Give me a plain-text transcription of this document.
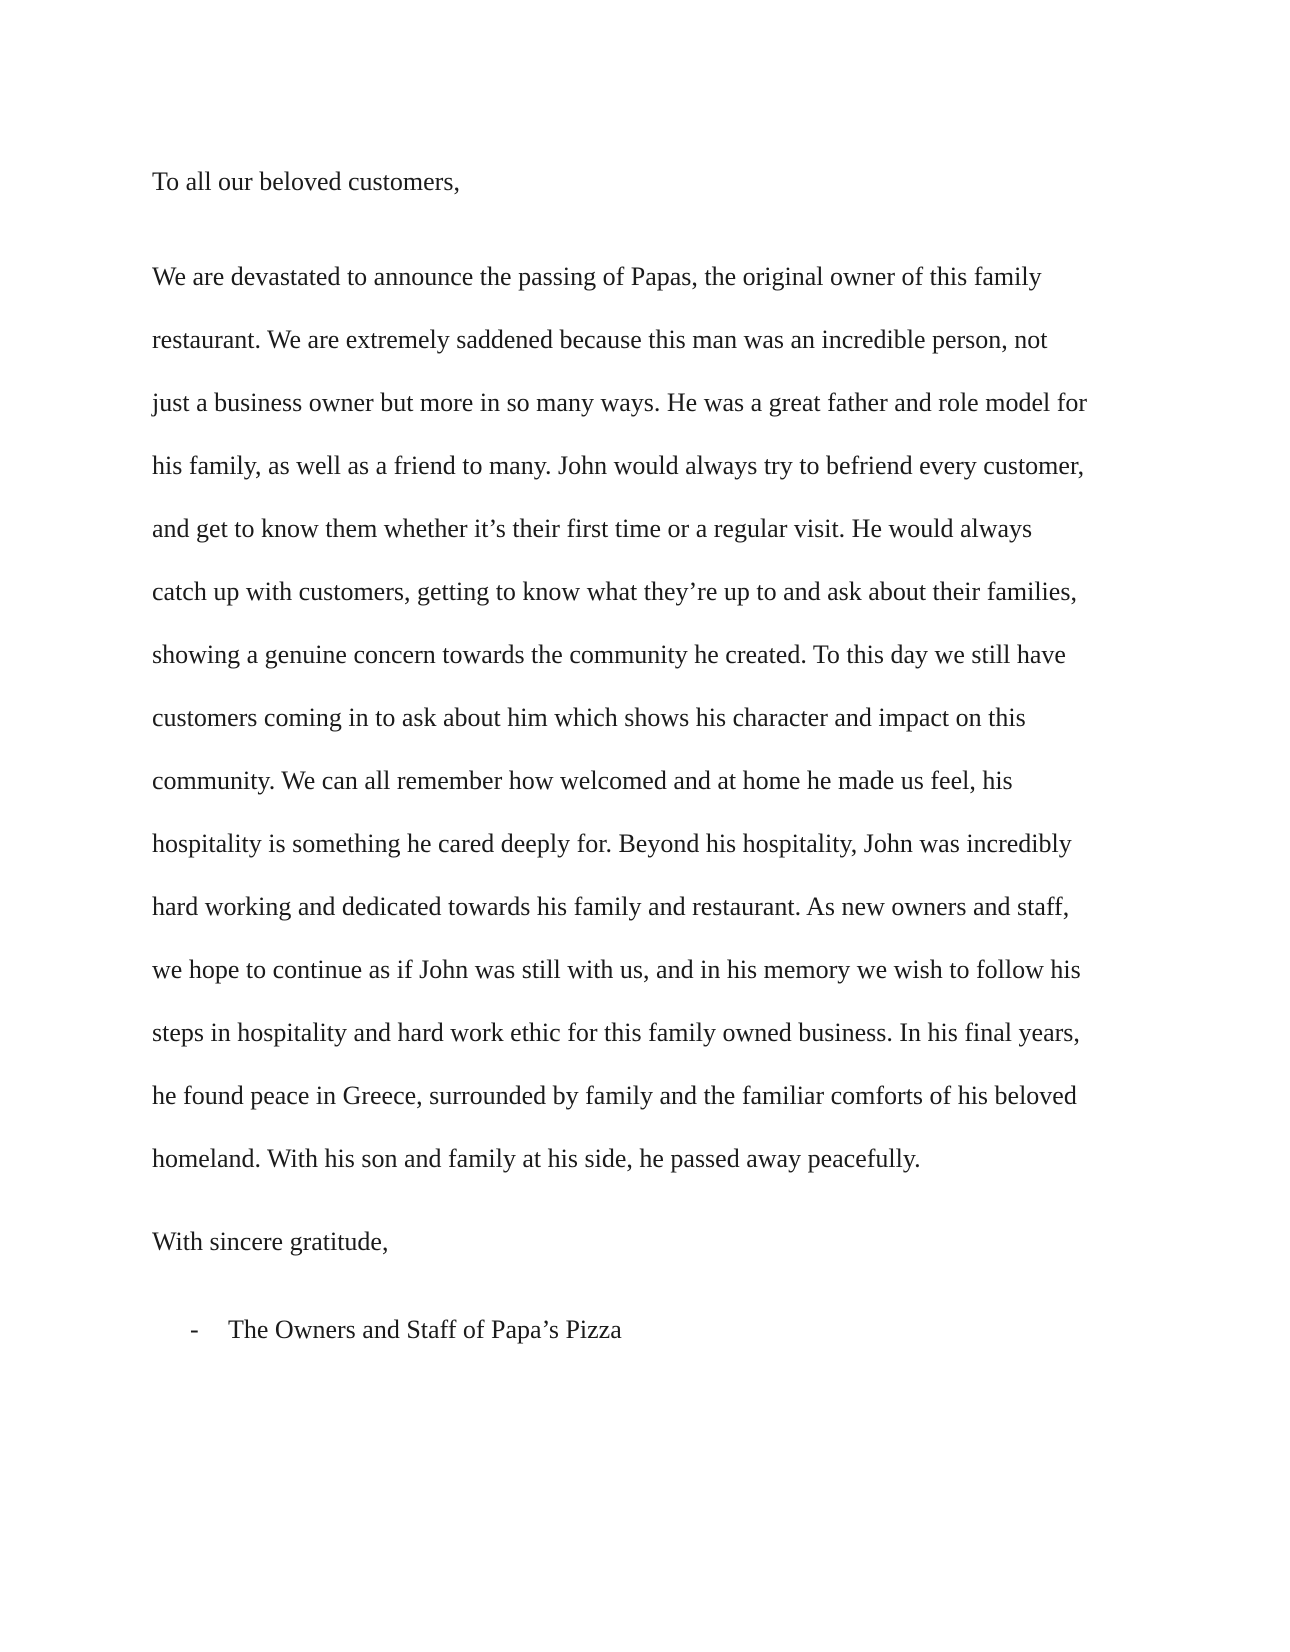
To all our beloved customers,

We are devastated to announce the passing of Papas, the original owner of this family
restaurant. We are extremely saddened because this man was an incredible person, not
just a business owner but more in so many ways. He was a great father and role model for
his family, as well as a friend to many. John would always try to befriend every customer,
and get to know them whether it’s their first time or a regular visit. He would always
catch up with customers, getting to know what they’re up to and ask about their families,
showing a genuine concern towards the community he created. To this day we still have
customers coming in to ask about him which shows his character and impact on this
community. We can all remember how welcomed and at home he made us feel, his
hospitality is something he cared deeply for. Beyond his hospitality, John was incredibly
hard working and dedicated towards his family and restaurant. As new owners and staff,
we hope to continue as if John was still with us, and in his memory we wish to follow his
steps in hospitality and hard work ethic for this family owned business. In his final years,
he found peace in Greece, surrounded by family and the familiar comforts of his beloved
homeland. With his son and family at his side, he passed away peacefully.

With sincere gratitude,

- The Owners and Staff of Papa’s Pizza
